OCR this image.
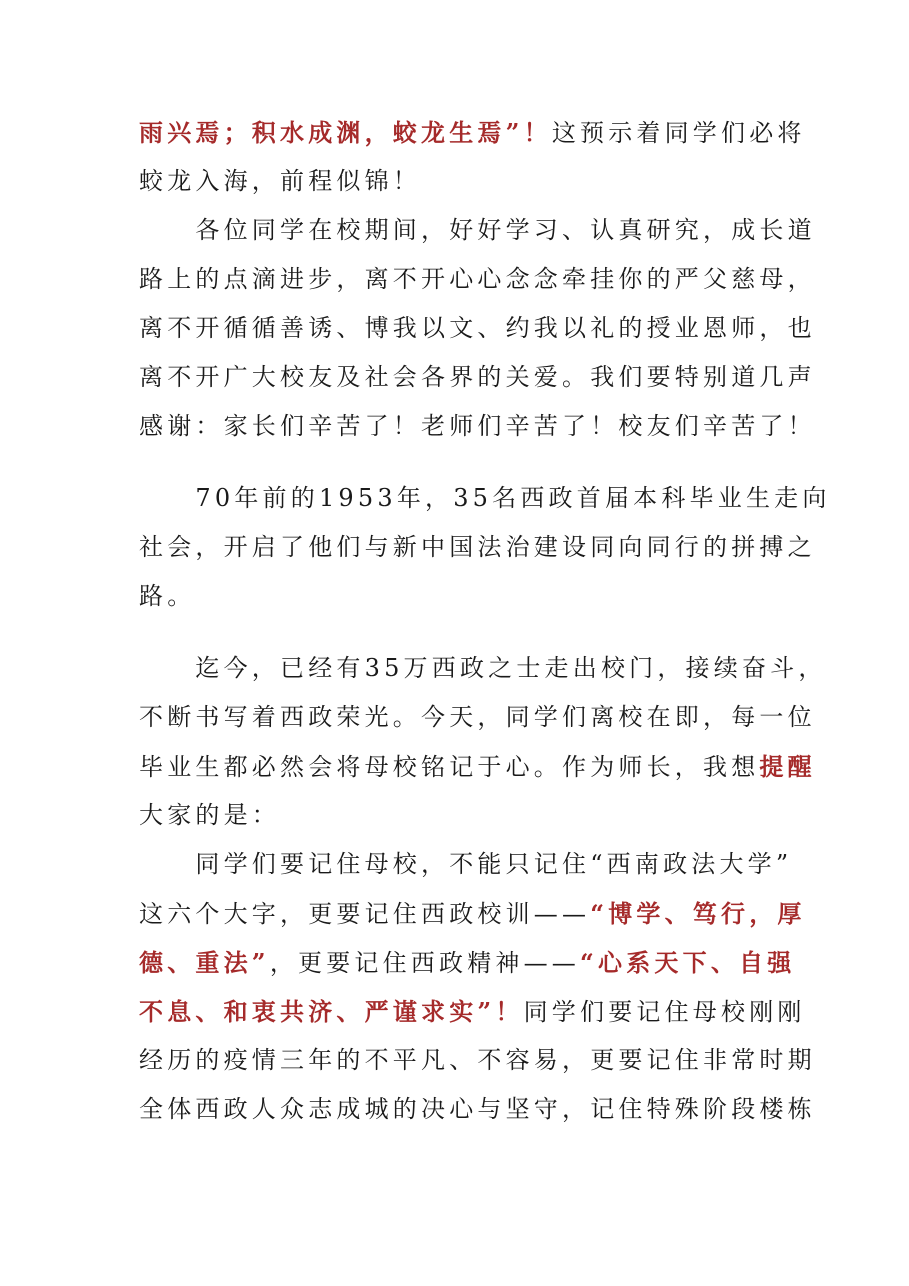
雨兴焉；积水成渊，蛟龙生焉”！这预示着同学们必将
蛟龙入海，前程似锦！
　　各位同学在校期间，好好学习、认真研究，成长道
路上的点滴进步，离不开心心念念牵挂你的严父慈母，
离不开循循善诱、博我以文、约我以礼的授业恩师，也
离不开广大校友及社会各界的关爱。我们要特别道几声
感谢：家长们辛苦了！老师们辛苦了！校友们辛苦了！
　　70年前的1953年，35名西政首届本科毕业生走向
社会，开启了他们与新中国法治建设同向同行的拼搏之
路。
　　迄今，已经有35万西政之士走出校门，接续奋斗，
不断书写着西政荣光。今天，同学们离校在即，每一位
毕业生都必然会将母校铭记于心。作为师长，我想提醒
大家的是：
　　同学们要记住母校，不能只记住“西南政法大学”
这六个大字，更要记住西政校训——“博学、笃行，厚
德、重法”，更要记住西政精神——“心系天下、自强
不息、和衷共济、严谨求实”！同学们要记住母校刚刚
经历的疫情三年的不平凡、不容易，更要记住非常时期
全体西政人众志成城的决心与坚守，记住特殊阶段楼栋
